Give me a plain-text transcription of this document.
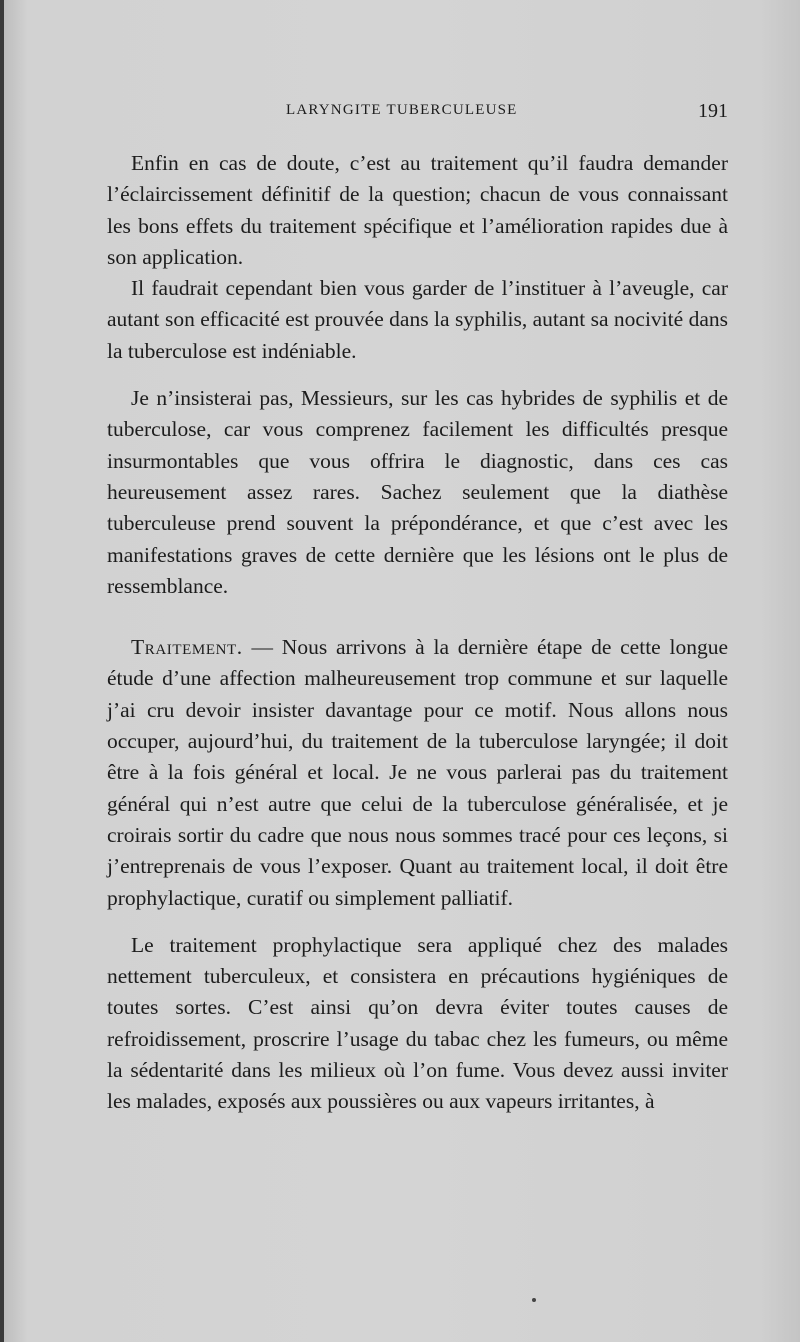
LARYNGITE TUBERCULEUSE	191

Enfin en cas de doute, c’est au traitement qu’il faudra demander l’éclaircissement définitif de la question; chacun de vous connaissant les bons effets du traitement spécifique et l’amélioration rapides due à son application.

Il faudrait cependant bien vous garder de l’instituer à l’aveugle, car autant son efficacité est prouvée dans la syphilis, autant sa nocivité dans la tuberculose est indéniable.

Je n’insisterai pas, Messieurs, sur les cas hybrides de syphilis et de tuberculose, car vous comprenez facilement les difficultés presque insurmontables que vous offrira le diagnostic, dans ces cas heureusement assez rares. Sachez seulement que la diathèse tuberculeuse prend souvent la prépondérance, et que c’est avec les manifestations graves de cette dernière que les lésions ont le plus de ressemblance.

Traitement. — Nous arrivons à la dernière étape de cette longue étude d’une affection malheureusement trop commune et sur laquelle j’ai cru devoir insister davantage pour ce motif. Nous allons nous occuper, aujourd’hui, du traitement de la tuberculose laryngée; il doit être à la fois général et local. Je ne vous parlerai pas du traitement général qui n’est autre que celui de la tuberculose généralisée, et je croirais sortir du cadre que nous nous sommes tracé pour ces leçons, si j’entreprenais de vous l’exposer. Quant au traitement local, il doit être prophylactique, curatif ou simplement palliatif.

Le traitement prophylactique sera appliqué chez des malades nettement tuberculeux, et consistera en précautions hygiéniques de toutes sortes. C’est ainsi qu’on devra éviter toutes causes de refroidissement, proscrire l’usage du tabac chez les fumeurs, ou même la sédentarité dans les milieux où l’on fume. Vous devez aussi inviter les malades, exposés aux poussières ou aux vapeurs irritantes, à
